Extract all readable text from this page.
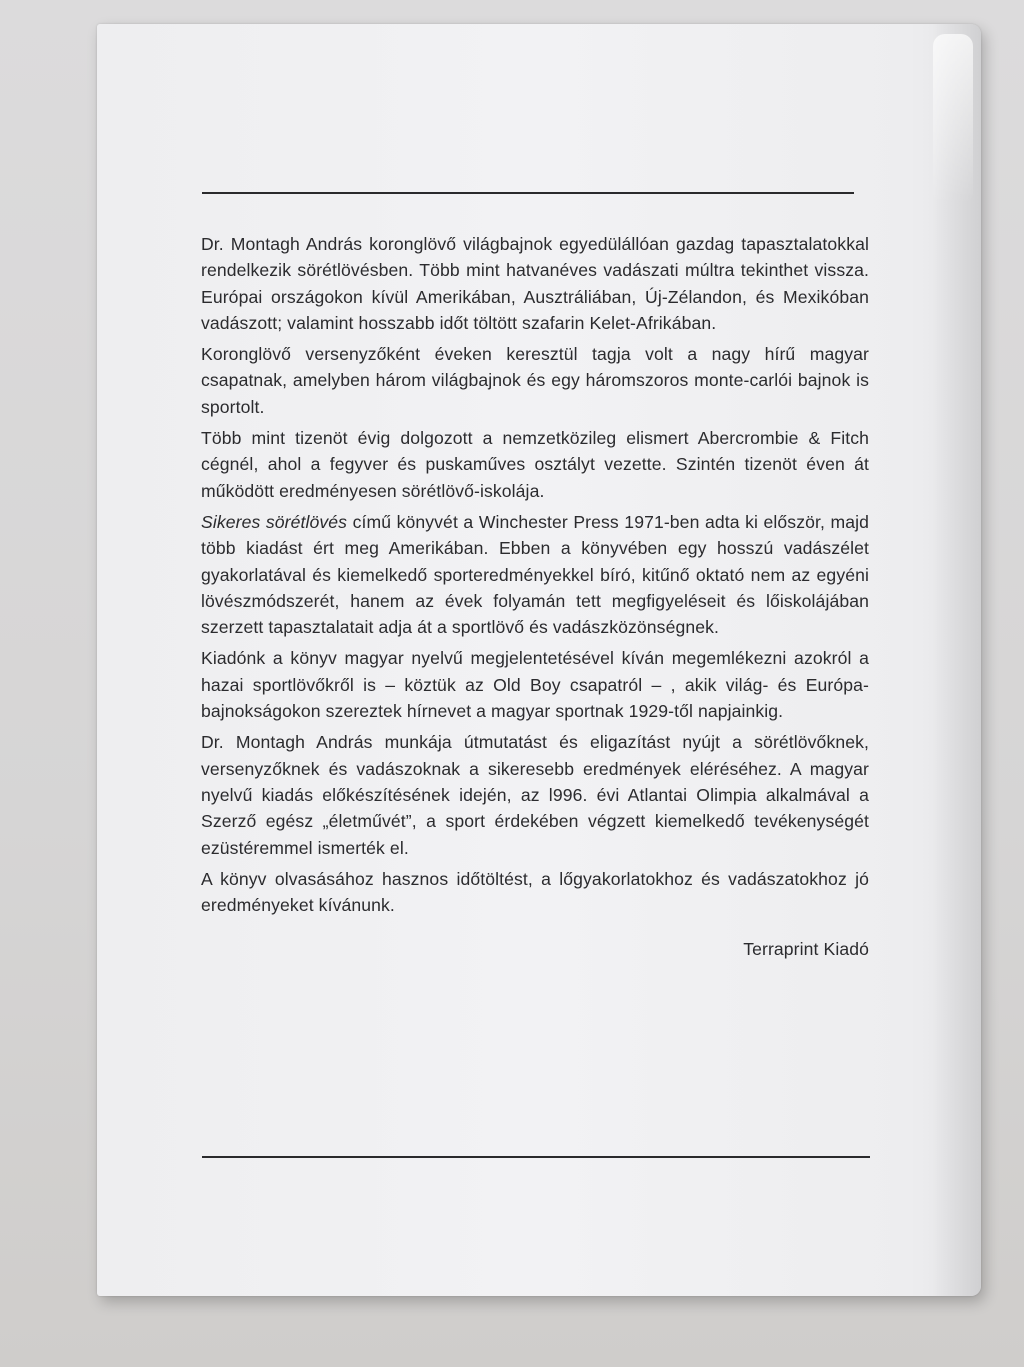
Dr. Montagh András koronglövő világbajnok egyedülállóan gazdag tapasztalatokkal rendelkezik sörétlövésben. Több mint hatvanéves vadászati múltra tekinthet vissza. Európai országokon kívül Amerikában, Ausztráliában, Új-Zélandon, és Mexikóban vadászott; valamint hosszabb időt töltött szafarin Kelet-Afrikában.

Koronglövő versenyzőként éveken keresztül tagja volt a nagy hírű magyar csapatnak, amelyben három világbajnok és egy háromszoros monte-carlói bajnok is sportolt.

Több mint tizenöt évig dolgozott a nemzetközileg elismert Abercrombie & Fitch cégnél, ahol a fegyver és puskaműves osztályt vezette. Szintén tizenöt éven át működött eredményesen sörétlövő-iskolája.

Sikeres sörétlövés című könyvét a Winchester Press 1971-ben adta ki először, majd több kiadást ért meg Amerikában. Ebben a könyvében egy hosszú vadászélet gyakorlatával és kiemelkedő sporteredményekkel bíró, kitűnő oktató nem az egyéni lövészmódszerét, hanem az évek folyamán tett megfigyeléseit és lőiskolájában szerzett tapasztalatait adja át a sportlövő és vadászközönségnek.

Kiadónk a könyv magyar nyelvű megjelentetésével kíván megemlékezni azokról a hazai sportlövőkről is – köztük az Old Boy csapatról – , akik világ- és Európa-bajnokságokon szereztek hírnevet a magyar sportnak 1929-től napjainkig.

Dr. Montagh András munkája útmutatást és eligazítást nyújt a sörétlövőknek, versenyzőknek és vadászoknak a sikeresebb eredmények eléréséhez. A magyar nyelvű kiadás előkészítésének idején, az l996. évi Atlantai Olimpia alkalmával a Szerző egész „életművét”, a sport érdekében végzett kiemelkedő tevékenységét ezüstéremmel ismerték el.

A könyv olvasásához hasznos időtöltést, a lőgyakorlatokhoz és vadászatokhoz jó eredményeket kívánunk.

Terraprint Kiadó
